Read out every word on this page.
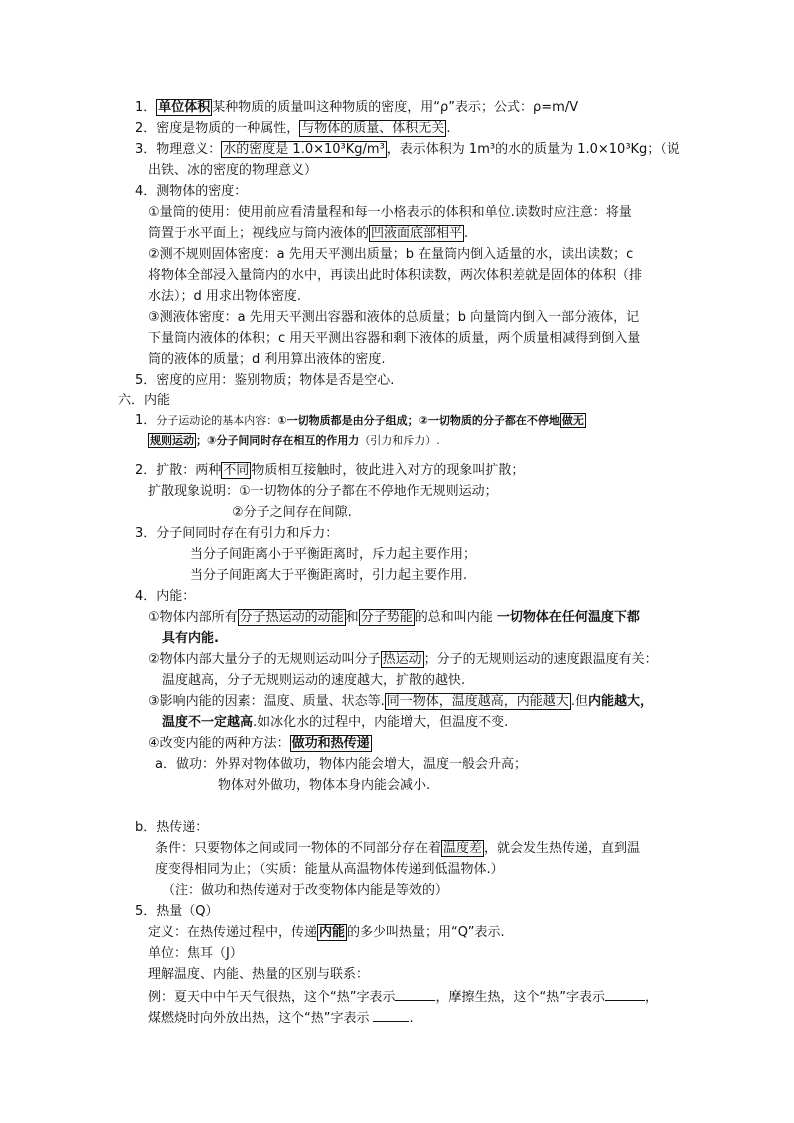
1． 单位体积 某种物质的质量叫这种物质的密度，用“ρ”表示；公式：ρ=m/V
2．密度是物质的一种属性， 与物体的质量、体积无关 .
3．物理意义： 水的密度是 1.0×10³Kg/m³ ，表示体积为 1m³的水的质量为 1.0×10³Kg；（说
出铁、冰的密度的物理意义）
4．测物体的密度：
①量筒的使用：使用前应看清量程和每一小格表示的体积和单位.读数时应注意：将量
筒置于水平面上；视线应与筒内液体的 凹液面底部相平 .
②测不规则固体密度：a 先用天平测出质量；b 在量筒内倒入适量的水，读出读数；c
将物体全部浸入量筒内的水中，再读出此时体积读数，两次体积差就是固体的体积（排
水法）；d 用求出物体密度.
③测液体密度：a 先用天平测出容器和液体的总质量；b 向量筒内倒入一部分液体，记
下量筒内液体的体积；c 用天平测出容器和剩下液体的质量，两个质量相减得到倒入量
筒的液体的质量；d 利用算出液体的密度.
5．密度的应用：鉴别物质；物体是否是空心.
六．内能
1．分子运动论的基本内容：①一切物质都是由分子组成；②一切物质的分子都在不停地 做无
规则运动 ；③分子间同时存在相互的作用力（引力和斥力）.
2．扩散：两种 不同 物质相互接触时，彼此进入对方的现象叫扩散；
扩散现象说明：①一切物体的分子都在不停地作无规则运动；
②分子之间存在间隙.
3．分子间同时存在有引力和斥力：
当分子间距离小于平衡距离时，斥力起主要作用；
当分子间距离大于平衡距离时，引力起主要作用.
4．内能：
①物体内部所有 分子热运动的动能 和 分子势能 的总和叫内能 一切物体在任何温度下都
具有内能.
②物体内部大量分子的无规则运动叫分子 热运动 ；分子的无规则运动的速度跟温度有关：
温度越高，分子无规则运动的速度越大，扩散的越快.
③影响内能的因素：温度、质量、状态等. 同一物体，温度越高，内能越大 .但内能越大，
温度不一定越高.如冰化水的过程中，内能增大，但温度不变.
④改变内能的两种方法： 做功和热传递
a．做功：外界对物体做功，物体内能会增大，温度一般会升高；
物体对外做功，物体本身内能会减小.
b．热传递：
条件：只要物体之间或同一物体的不同部分存在着 温度差 ，就会发生热传递，直到温
度变得相同为止；（实质：能量从高温物体传递到低温物体.）
（注：做功和热传递对于改变物体内能是等效的）
5．热量（Q）
定义：在热传递过程中，传递 内能 的多少叫热量；用“Q”表示.
单位：焦耳（J）
理解温度、内能、热量的区别与联系：
例：夏天中中午天气很热，这个“热”字表示	，摩擦生热，这个“热”字表示	，
煤燃烧时向外放出热，这个“热”字表示	.
